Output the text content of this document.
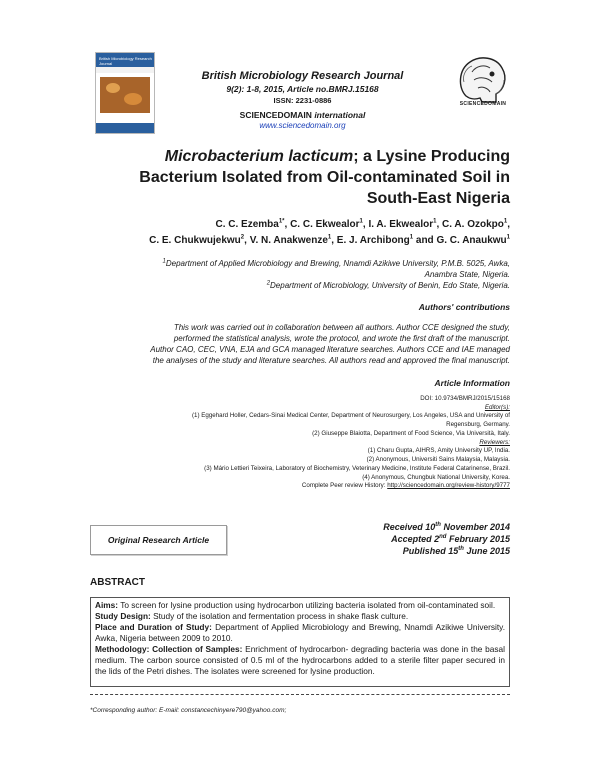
British Microbiology Research Journal
British Microbiology Research Journal
9(2): 1-8, 2015, Article no.BMRJ.15168
ISSN: 2231-0886
SCIENCEDOMAIN international
www.sciencedomain.org
SCIENCEDOMAIN
Microbacterium lacticum; a Lysine Producing Bacterium Isolated from Oil-contaminated Soil in South-East Nigeria
C. C. Ezemba$^{1*}$, C. C. Ekwealor$^1$, I. A. Ekwealor$^1$, C. A. Ozokpo$^1$,
C. E. Chukwujekwu$^2$, V. N. Anakwenze$^1$, E. J. Archibong$^1$ and G. C. Anaukwu$^1$
$^1$Department of Applied Microbiology and Brewing, Nnamdi Azikiwe University, P.M.B. 5025, Awka,
Anambra State, Nigeria.
$^2$Department of Microbiology, University of Benin, Edo State, Nigeria.
Authors' contributions
This work was carried out in collaboration between all authors. Author CCE designed the study,
performed the statistical analysis, wrote the protocol, and wrote the first draft of the manuscript.
Author CAO, CEC, VNA, EJA and GCA managed literature searches. Authors CCE and IAE managed
the analyses of the study and literature searches. All authors read and approved the final manuscript.
Article Information
DOI: 10.9734/BMRJ/2015/15168
Editor(s):
(1) Eggehard Holler, Cedars-Sinai Medical Center, Department of Neurosurgery, Los Angeles, USA and University of
Regensburg, Germany.
(2) Giuseppe Blaiotta, Department of Food Science, Via Università, Italy.
Reviewers:
(1) Charu Gupta, AIHRS, Amity University UP, India.
(2) Anonymous, Universiti Sains Malaysia, Malaysia.
(3) Mário Lettieri Teixeira, Laboratory of Biochemistry, Veterinary Medicine, Institute Federal Catarinense, Brazil.
(4) Anonymous, Chungbuk National University, Korea.
Complete Peer review History: http://sciencedomain.org/review-history/9777
Original Research Article
Received 10th November 2014
Accepted 2nd February 2015
Published 15th June 2015
ABSTRACT

Aims: To screen for lysine production using hydrocarbon utilizing bacteria isolated from oil-contaminated soil.

Study Design: Study of the isolation and fermentation process in shake flask culture.

Place and Duration of Study: Department of Applied Microbiology and Brewing, Nnamdi Azikiwe University. Awka, Nigeria between 2009 to 2010.

Methodology: Collection of Samples: Enrichment of hydrocarbon- degrading bacteria was done in the basal medium. The carbon source consisted of 0.5 ml of the hydrocarbons added to a sterile filter paper secured in the lids of the Petri dishes. The isolates were screened for lysine production.

*Corresponding author: E-mail: constancechinyere790@yahoo.com;
